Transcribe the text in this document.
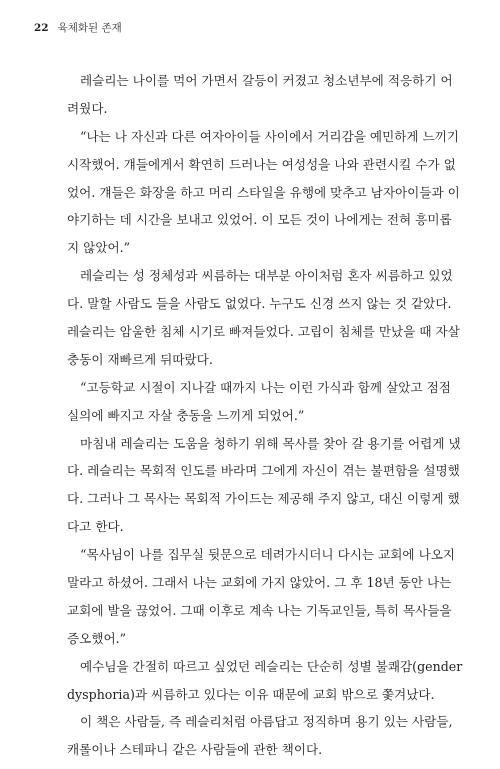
22 육체화된 존재
레슬리는 나이를 먹어 가면서 갈등이 커졌고 청소년부에 적응하기 어
려웠다.
“나는 나 자신과 다른 여자아이들 사이에서 거리감을 예민하게 느끼기
시작했어. 걔들에게서 확연히 드러나는 여성성을 나와 관련시킬 수가 없
었어. 걔들은 화장을 하고 머리 스타일을 유행에 맞추고 남자아이들과 이
야기하는 데 시간을 보내고 있었어. 이 모든 것이 나에게는 전혀 흥미롭
지 않았어.”
레슬리는 성 정체성과 씨름하는 대부분 아이처럼 혼자 씨름하고 있었
다. 말할 사람도 들을 사람도 없었다. 누구도 신경 쓰지 않는 것 같았다.
레슬리는 암울한 침체 시기로 빠져들었다. 고립이 침체를 만났을 때 자살
충동이 재빠르게 뒤따랐다.
“고등학교 시절이 지나갈 때까지 나는 이런 가식과 함께 살았고 점점
실의에 빠지고 자살 충동을 느끼게 되었어.”
마침내 레슬리는 도움을 청하기 위해 목사를 찾아 갈 용기를 어렵게 냈
다. 레슬리는 목회적 인도를 바라며 그에게 자신이 겪는 불편함을 설명했
다. 그러나 그 목사는 목회적 가이드는 제공해 주지 않고, 대신 이렇게 했
다고 한다.
“목사님이 나를 집무실 뒷문으로 데려가시더니 다시는 교회에 나오지
말라고 하셨어. 그래서 나는 교회에 가지 않았어. 그 후 18년 동안 나는
교회에 발을 끊었어. 그때 이후로 계속 나는 기독교인들, 특히 목사들을
증오했어.”
예수님을 간절히 따르고 싶었던 레슬리는 단순히 성별 불쾌감(gender
dysphoria)과 씨름하고 있다는 이유 때문에 교회 밖으로 쫓겨났다.
이 책은 사람들, 즉 레슬리처럼 아름답고 정직하며 용기 있는 사람들,
캐롤이나 스테파니 같은 사람들에 관한 책이다.
